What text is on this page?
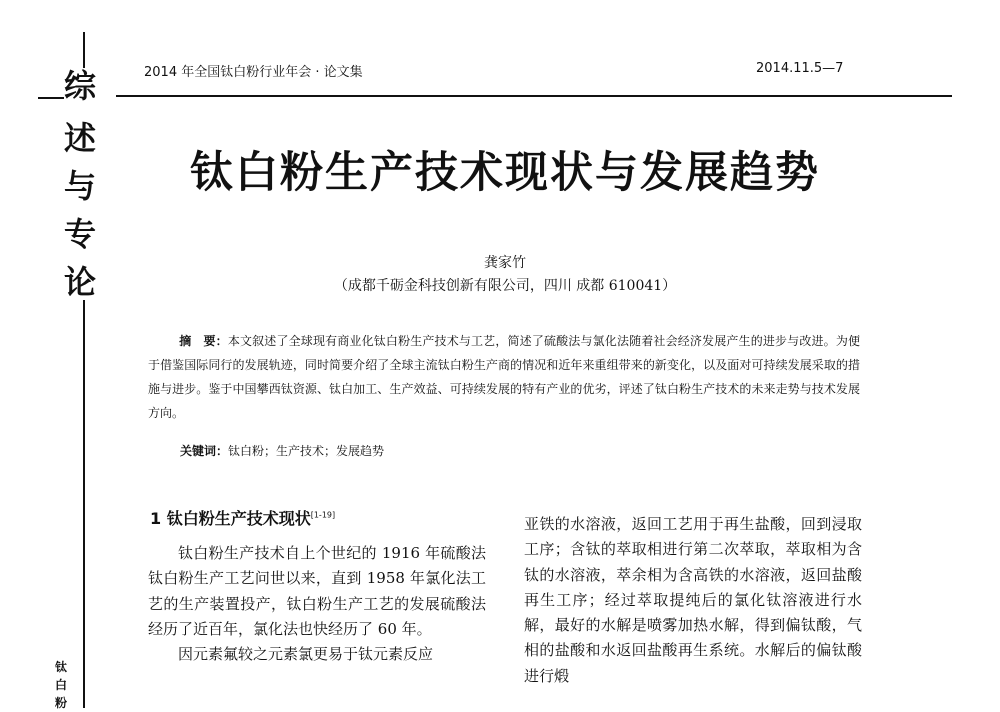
综
述
与
专
论
钛
白
粉
2014 年全国钛白粉行业年会 · 论文集	2014.11.5—7
钛白粉生产技术现状与发展趋势
龚家竹
（成都千砺金科技创新有限公司，四川 成都 610041）
摘　要：本文叙述了全球现有商业化钛白粉生产技术与工艺，简述了硫酸法与氯化法随着社会经济发展产生的进步与改进。为便于借鉴国际同行的发展轨迹，同时简要介绍了全球主流钛白粉生产商的情况和近年来重组带来的新变化，以及面对可持续发展采取的措施与进步。鉴于中国攀西钛资源、钛白加工、生产效益、可持续发展的特有产业的优劣，评述了钛白粉生产技术的未来走势与技术发展方向。
关键词：钛白粉；生产技术；发展趋势
1 钛白粉生产技术现状[1-19]

钛白粉生产技术自上个世纪的 1916 年硫酸法钛白粉生产工艺问世以来，直到 1958 年氯化法工艺的生产装置投产，钛白粉生产工艺的发展硫酸法经历了近百年，氯化法也快经历了 60 年。

因元素氟较之元素氯更易于钛元素反应

亚铁的水溶液，返回工艺用于再生盐酸，回到浸取工序；含钛的萃取相进行第二次萃取，萃取相为含钛的水溶液，萃余相为含高铁的水溶液，返回盐酸再生工序；经过萃取提纯后的氯化钛溶液进行水解，最好的水解是喷雾加热水解，得到偏钛酸，气相的盐酸和水返回盐酸再生系统。水解后的偏钛酸进行煅
